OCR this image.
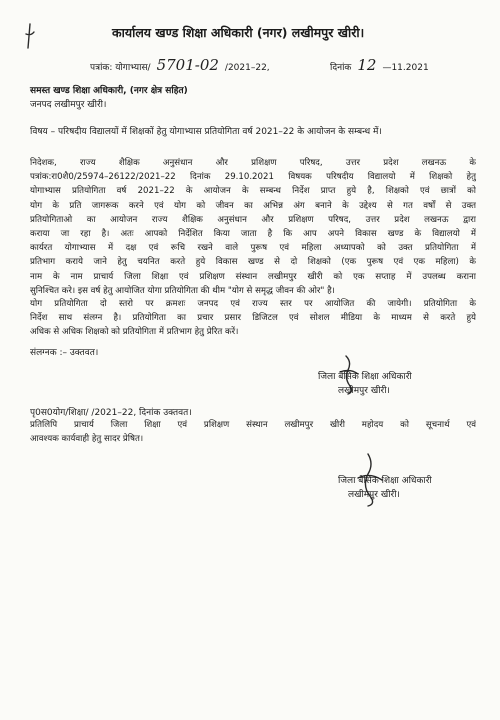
कार्यालय खण्ड शिक्षा अधिकारी (नगर) लखीमपुर खीरी।
पत्रांक: योगाभ्यास/ 5701-02 /2021–22,	दिनांक 12 —11.2021
समस्त खण्ड शिक्षा अधिकारी, (नगर क्षेत्र सहित)
जनपद लखीमपुर खीरी।
विषय – परिषदीय विद्यालयों में शिक्षकों हेतु योगाभ्यास प्रतियोगिता वर्ष 2021–22 के आयोजन के सम्बन्ध में।
निदेशक, राज्य शैक्षिक अनुसंधान और प्रशिक्षण परिषद, उत्तर प्रदेश लखनऊ के
पत्रांक:रा0शै0/25974–26122/2021–22 दिनांक 29.10.2021 विषयक परिषदीय विद्यालयो में शिक्षको हेतु
योगाभ्यास प्रतियोगिता वर्ष 2021–22 के आयोजन के सम्बन्ध निर्देश प्राप्त हुये है, शिक्षको एवं छात्रों को
योग के प्रति जागरूक करने एवं योग को जीवन का अभिन्न अंग बनाने के उद्देश्य से गत वर्षों से उक्त
प्रतियोगिताओ का आयोजन राज्य शैक्षिक अनुसंधान और प्रशिक्षण परिषद, उत्तर प्रदेश लखनऊ द्वारा
कराया जा रहा है। अतः आपको निर्देशित किया जाता है कि आप अपने विकास खण्ड के विद्यालयो में
कार्यरत योगाभ्यास में दक्ष एवं रूचि रखने वाले पुरूष एवं महिला अध्यापको को उक्त प्रतियोगिता में
प्रतिभाग कराये जाने हेतु चयनित करते हुये विकास खण्ड से दो शिक्षको (एक पुरूष एवं एक महिला) के
नाम के नाम प्राचार्य जिला शिक्षा एवं प्रशिक्षण संस्थान लखीमपुर खीरी को एक सप्ताह में उपलब्ध कराना
सुनिश्चित करे। इस वर्ष हेतु आयोजित योगा प्रतियोगिता की थीम "योग से समृद्ध जीवन की ओर" है।
योग प्रतियोगिता दो स्तरो पर क्रमशः जनपद एवं राज्य स्तर पर आयोजित की जायेगी। प्रतियोगिता के
निर्देश साथ संलग्न है। प्रतियोगिता का प्रचार प्रसार डिजिटल एवं सोशल मीडिया के माध्यम से करते हुये
अधिक से अधिक शिक्षको को प्रतियोगिता में प्रतिभाग हेतु प्रेरित करें।
संलग्नक :– उक्तवत।
जिला बेसिक शिक्षा अधिकारी
लखीमपुर खीरी।
पृ0स0योग/शिक्षा/ /2021–22, दिनांक उक्तवत।
प्रतिलिपि प्राचार्य जिला शिक्षा एवं प्रशिक्षण संस्थान लखीमपुर खीरी महोदय को सूचनार्थ एवं
आवश्यक कार्यवाही हेतु सादर प्रेषित।
जिला बेसिक शिक्षा अधिकारी
लखीमपुर खीरी।
